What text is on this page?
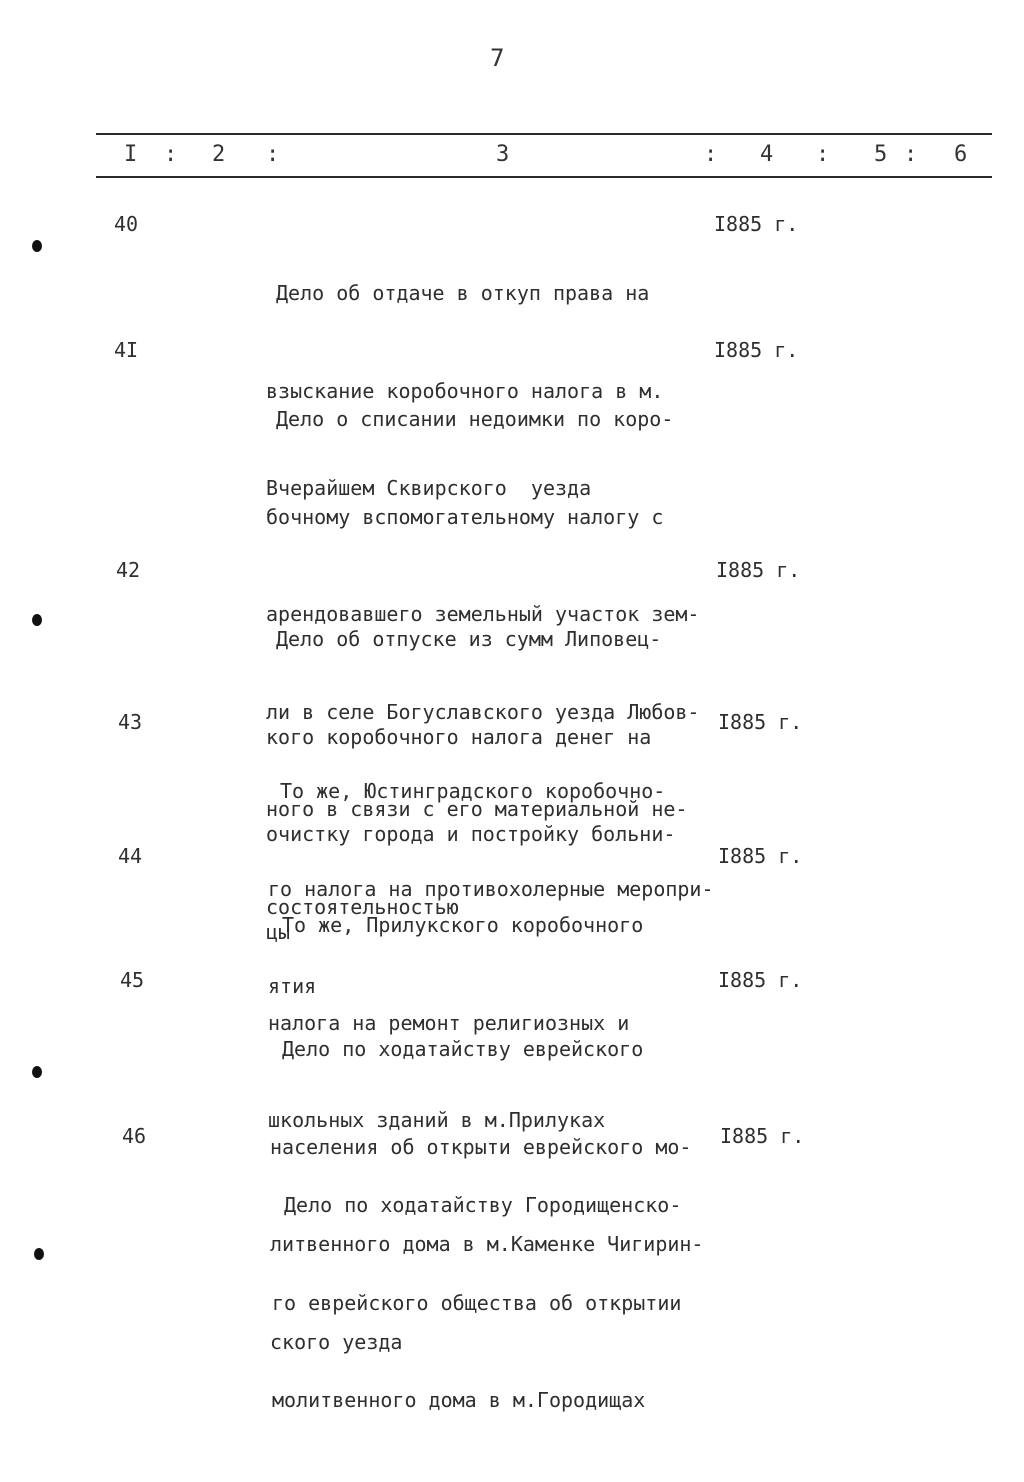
7
I : 2 :	3	: 4 : 5 : 6
40

Дело об отдаче в откуп права на

взыскание коробочного налога в м.

Вчерайшем Сквирского  уезда

I885 г.
4I

Дело о списании недоимки по коро-

бочному вспомогательному налогу с

арендовавшего земельный участок зем-

ли в селе Богуславского уезда Любов-

ного в связи с его материальной не-

состоятельностью

I885 г.
42

Дело об отпуске из сумм Липовец-

кого коробочного налога денег на

очистку города и постройку больни-

цы

I885 г.
43

То же, Юстинградского коробочно-

го налога на противохолерные меропри-

ятия

I885 г.
44

То же, Прилукского коробочного

налога на ремонт религиозных и

школьных зданий в м.Прилуках

I885 г.
45

Дело по ходатайству еврейского

населения об открыти еврейского мо-

литвенного дома в м.Каменке Чигирин-

ского уезда

I885 г.
46

Дело по ходатайству Городищенско-

го еврейского общества об открытии

молитвенного дома в м.Городищах

I885 г.
